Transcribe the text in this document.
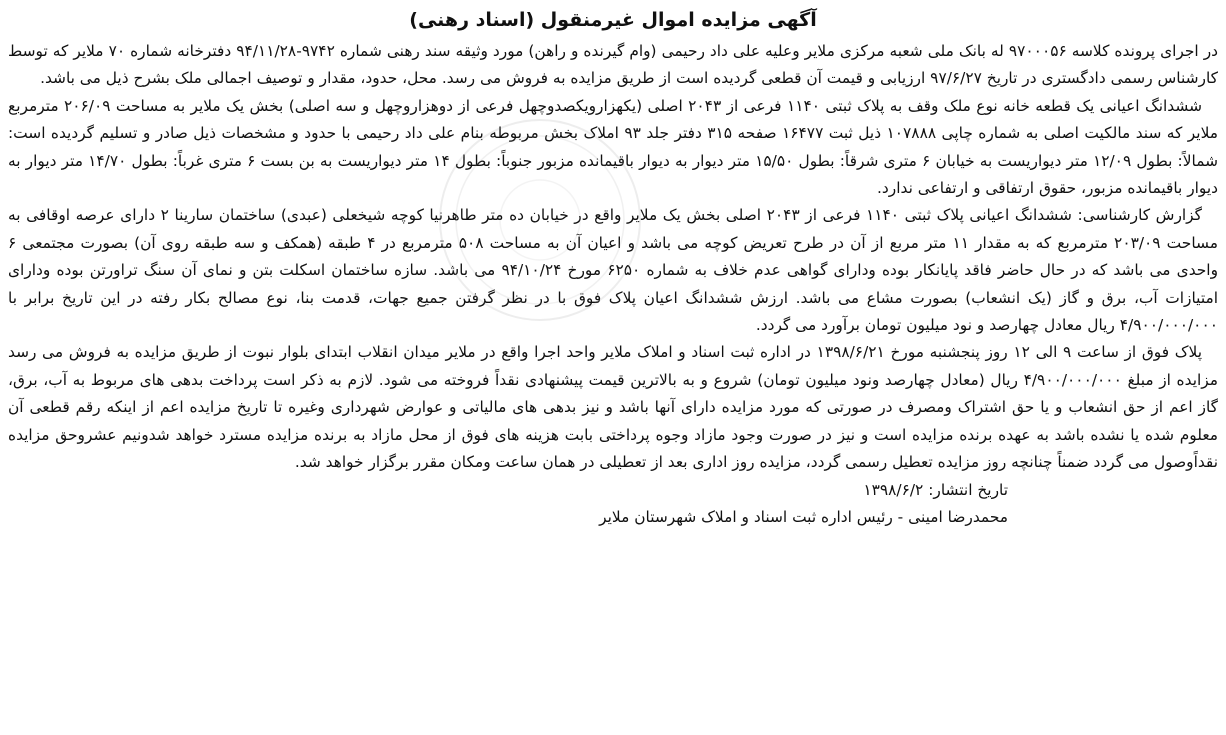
آگهی مزایده اموال غیرمنقول (اسناد رهنی)

در اجرای پرونده کلاسه ۹۷۰۰۰۵۶ له بانک ملی شعبه مرکزی ملایر وعلیه علی داد رحیمی (وام گیرنده و راهن) مورد وثیقه سند رهنی شماره ۹۷۴۲-۹۴/۱۱/۲۸ دفترخانه شماره ۷۰ ملایر که توسط کارشناس رسمی دادگستری در تاریخ ۹۷/۶/۲۷ ارزیابی و قیمت آن قطعی گردیده است از طریق مزایده به فروش می رسد. محل، حدود، مقدار و توصیف اجمالی ملک بشرح ذیل می باشد.

ششدانگ اعیانی یک قطعه خانه نوع ملک وقف به پلاک ثبتی ۱۱۴۰ فرعی از ۲۰۴۳ اصلی (یکهزارویکصدوچهل فرعی از دوهزاروچهل و سه اصلی) بخش یک ملایر به مساحت ۲۰۶/۰۹ مترمربع ملایر که سند مالکیت اصلی به شماره چاپی ۱۰۷۸۸۸ ذیل ثبت ۱۶۴۷۷ صفحه ۳۱۵ دفتر جلد ۹۳ املاک بخش مربوطه بنام علی داد رحیمی با حدود و مشخصات ذیل صادر و تسلیم گردیده است: شمالاً: بطول ۱۲/۰۹ متر دیواریست به خیابان ۶ متری شرقاً: بطول ۱۵/۵۰ متر دیوار به دیوار باقیمانده مزبور جنوباً: بطول ۱۴ متر دیواریست به بن بست ۶ متری غرباً: بطول ۱۴/۷۰ متر دیوار به دیوار باقیمانده مزبور، حقوق ارتفاقی و ارتفاعی ندارد.

گزارش کارشناسی: ششدانگ اعیانی پلاک ثبتی ۱۱۴۰ فرعی از ۲۰۴۳ اصلی بخش یک ملایر واقع در خیابان ده متر طاهرنیا کوچه شیخعلی (عبدی) ساختمان سارینا ۲ دارای عرصه اوقافی به مساحت ۲۰۳/۰۹ مترمربع که به مقدار ۱۱ متر مربع از آن در طرح تعریض کوچه می باشد و اعیان آن به مساحت ۵۰۸ مترمربع در ۴ طبقه (همکف و سه طبقه روی آن) بصورت مجتمعی ۶ واحدی می باشد که در حال حاضر فاقد پایانکار بوده ودارای گواهی عدم خلاف به شماره ۶۲۵۰ مورخ ۹۴/۱۰/۲۴ می باشد. سازه ساختمان اسکلت بتن و نمای آن سنگ تراورتن بوده ودارای امتیازات آب، برق و گاز (یک انشعاب) بصورت مشاع می باشد. ارزش ششدانگ اعیان پلاک فوق با در نظر گرفتن جمیع جهات، قدمت بنا، نوع مصالح بکار رفته در این تاریخ برابر با ۴/۹۰۰/۰۰۰/۰۰۰ ریال معادل چهارصد و نود میلیون تومان برآورد می گردد.

پلاک فوق از ساعت ۹ الی ۱۲ روز پنجشنبه مورخ ۱۳۹۸/۶/۲۱ در اداره ثبت اسناد و املاک ملایر واحد اجرا واقع در ملایر میدان انقلاب ابتدای بلوار نبوت از طریق مزایده به فروش می رسد مزایده از مبلغ ۴/۹۰۰/۰۰۰/۰۰۰ ریال (معادل چهارصد ونود میلیون تومان) شروع و به بالاترین قیمت پیشنهادی نقداً فروخته می شود. لازم به ذکر است پرداخت بدهی های مربوط به آب، برق، گاز اعم از حق انشعاب و یا حق اشتراک ومصرف در صورتی که مورد مزایده دارای آنها باشد و نیز بدهی های مالیاتی و عوارض شهرداری وغیره تا تاریخ مزایده اعم از اینکه رقم قطعی آن معلوم شده یا نشده باشد به عهده برنده مزایده است و نیز در صورت وجود مازاد وجوه پرداختی بابت هزینه های فوق از محل مازاد به برنده مزایده مسترد خواهد شدونیم عشروحق مزایده نقداًوصول می گردد ضمناً چنانچه روز مزایده تعطیل رسمی گردد، مزایده روز اداری بعد از تعطیلی در همان ساعت ومکان مقرر برگزار خواهد شد.

تاریخ انتشار: ۱۳۹۸/۶/۲

محمدرضا امینی - رئیس اداره ثبت اسناد و املاک شهرستان ملایر
